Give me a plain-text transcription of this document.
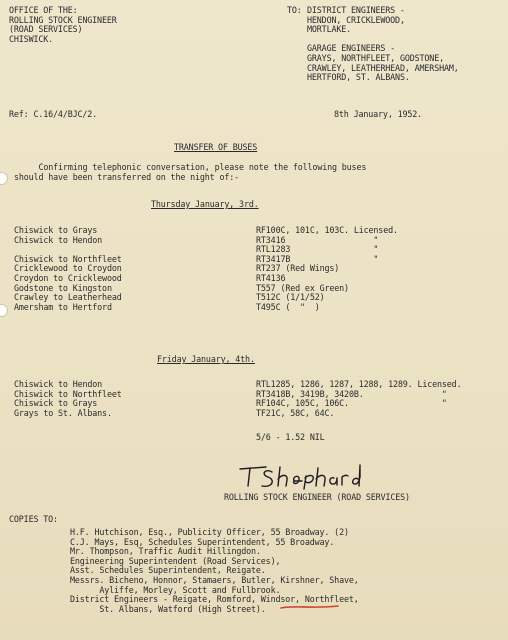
OFFICE OF THE:
ROLLING STOCK ENGINEER
(ROAD SERVICES)
CHISWICK.
TO: DISTRICT ENGINEERS -
HENDON, CRICKLEWOOD,
MORTLAKE.
GARAGE ENGINEERS -
GRAYS, NORTHFLEET, GODSTONE,
CRAWLEY, LEATHERHEAD, AMERSHAM,
HERTFORD, ST. ALBANS.
Ref: C.16/4/BJC/2.	8th January, 1952.
TRANSFER OF BUSES
Confirming telephonic conversation, please note the following buses
should have been transferred on the night of:-
Thursday January, 3rd.
Chiswick to Grays
Chiswick to Hendon
Chiswick to Northfleet
Cricklewood to Croydon
Croydon to Cricklewood
Godstone to Kingston
Crawley to Leatherhead
Amersham to Hertford
RF100C, 101C, 103C. Licensed.
RT3416                  "
RTL1283                 "
RT3417B                 "
RT237 (Red Wings)
RT4136
T557 (Red ex Green)
T512C (1/1/52)
T495C (  "  )
Friday January, 4th.
Chiswick to Hendon
Chiswick to Northfleet
Chiswick to Grays
Grays to St. Albans.
RTL1285, 1286, 1287, 1288, 1289. Licensed.
RT3418B, 3419B, 3420B.                "
RF104C, 105C, 106C.                   "
TF21C, 58C, 64C.
5/6 - 1.52 NIL
ROLLING STOCK ENGINEER (ROAD SERVICES)
COPIES TO:
H.F. Hutchison, Esq., Publicity Officer, 55 Broadway. (2)
C.J. Mays, Esq, Schedules Superintendent, 55 Broadway.
Mr. Thompson, Traffic Audit Hillingdon.
Engineering Superintendent (Road Services),
Asst. Schedules Superintendent, Reigate.
Messrs. Bicheno, Honnor, Stamaers, Butler, Kirshner, Shave,
Ayliffe, Morley, Scott and Fullbrook.
District Engineers - Reigate, Romford, Windsor, Northfleet,
St. Albans, Watford (High Street).
